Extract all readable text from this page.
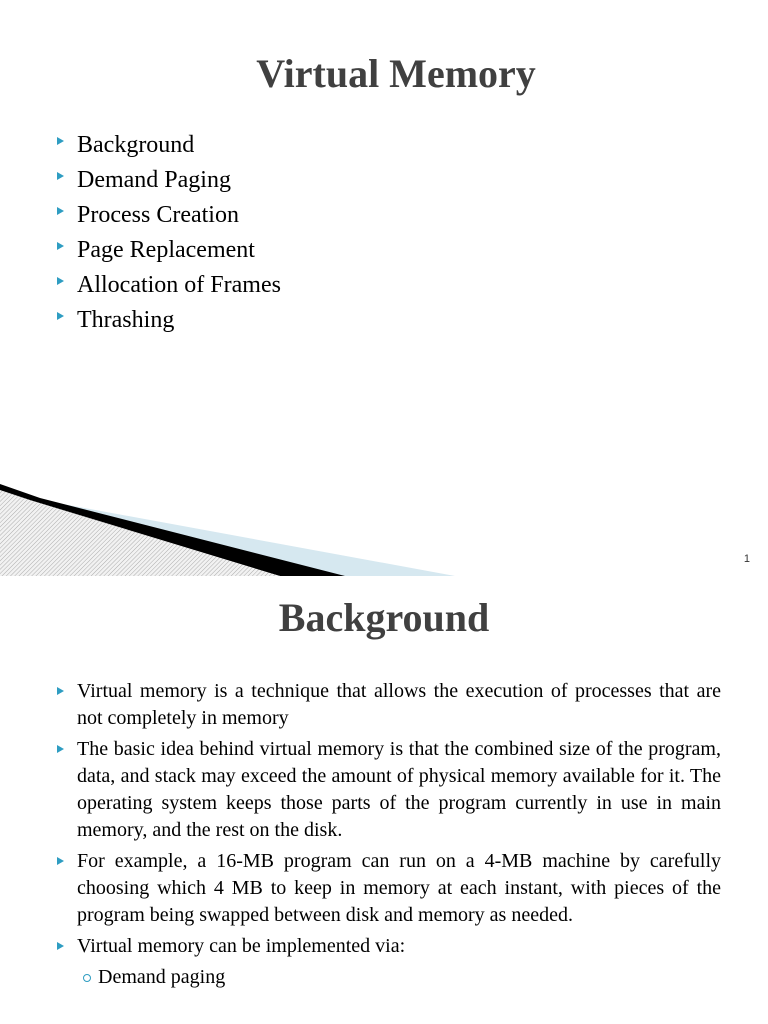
Virtual Memory
Background
Demand Paging
Process Creation
Page Replacement
Allocation of Frames
Thrashing
1
Background
Virtual memory is a technique that allows the execution of processes that are not completely in memory
The basic idea behind virtual memory is that the combined size of the program, data, and stack may exceed the amount of physical memory available for it. The operating system keeps those parts of the program currently in use in main memory, and the rest on the disk.
For example, a 16-MB program can run on a 4-MB machine by carefully choosing which 4 MB to keep in memory at each instant, with pieces of the program being swapped between disk and memory as needed.
Virtual memory can be implemented via:
Demand paging
